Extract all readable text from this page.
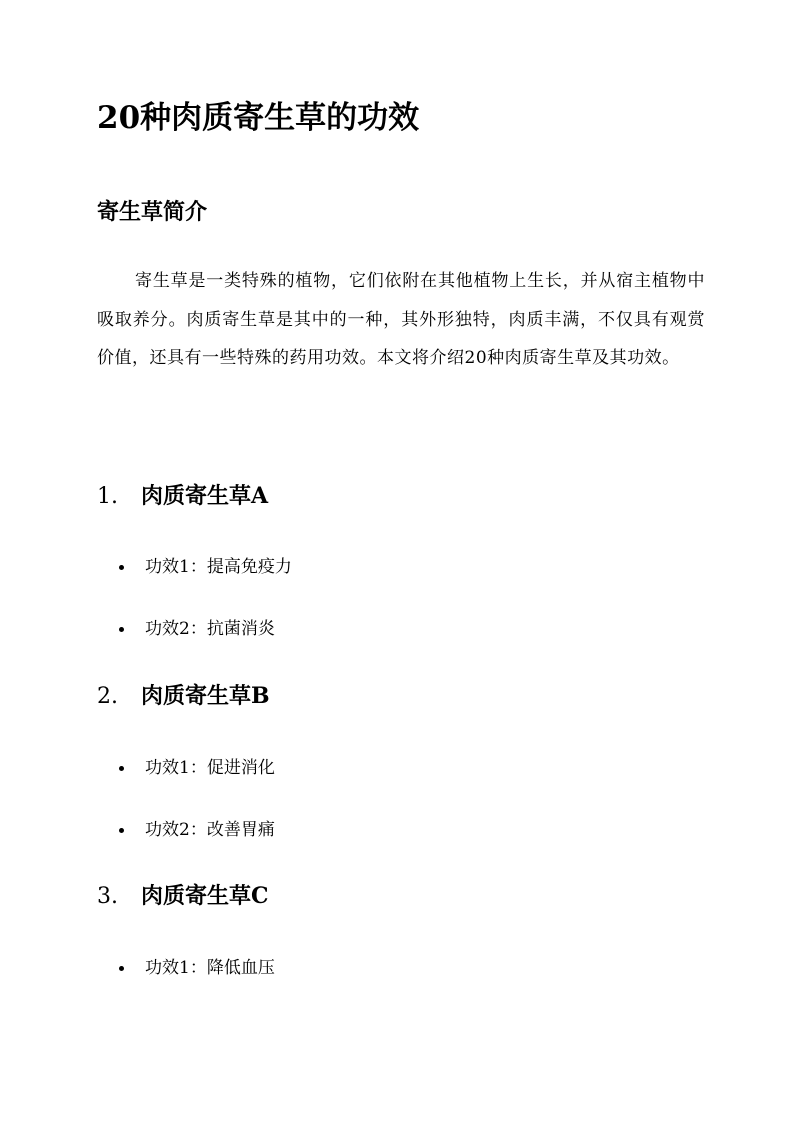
20种肉质寄生草的功效
寄生草简介

寄生草是一类特殊的植物，它们依附在其他植物上生长，并从宿主植物中吸取养分。肉质寄生草是其中的一种，其外形独特，肉质丰满，不仅具有观赏价值，还具有一些特殊的药用功效。本文将介绍20种肉质寄生草及其功效。

1. 肉质寄生草A
功效1：提高免疫力
功效2：抗菌消炎
2. 肉质寄生草B
功效1：促进消化
功效2：改善胃痛
3. 肉质寄生草C
功效1：降低血压
